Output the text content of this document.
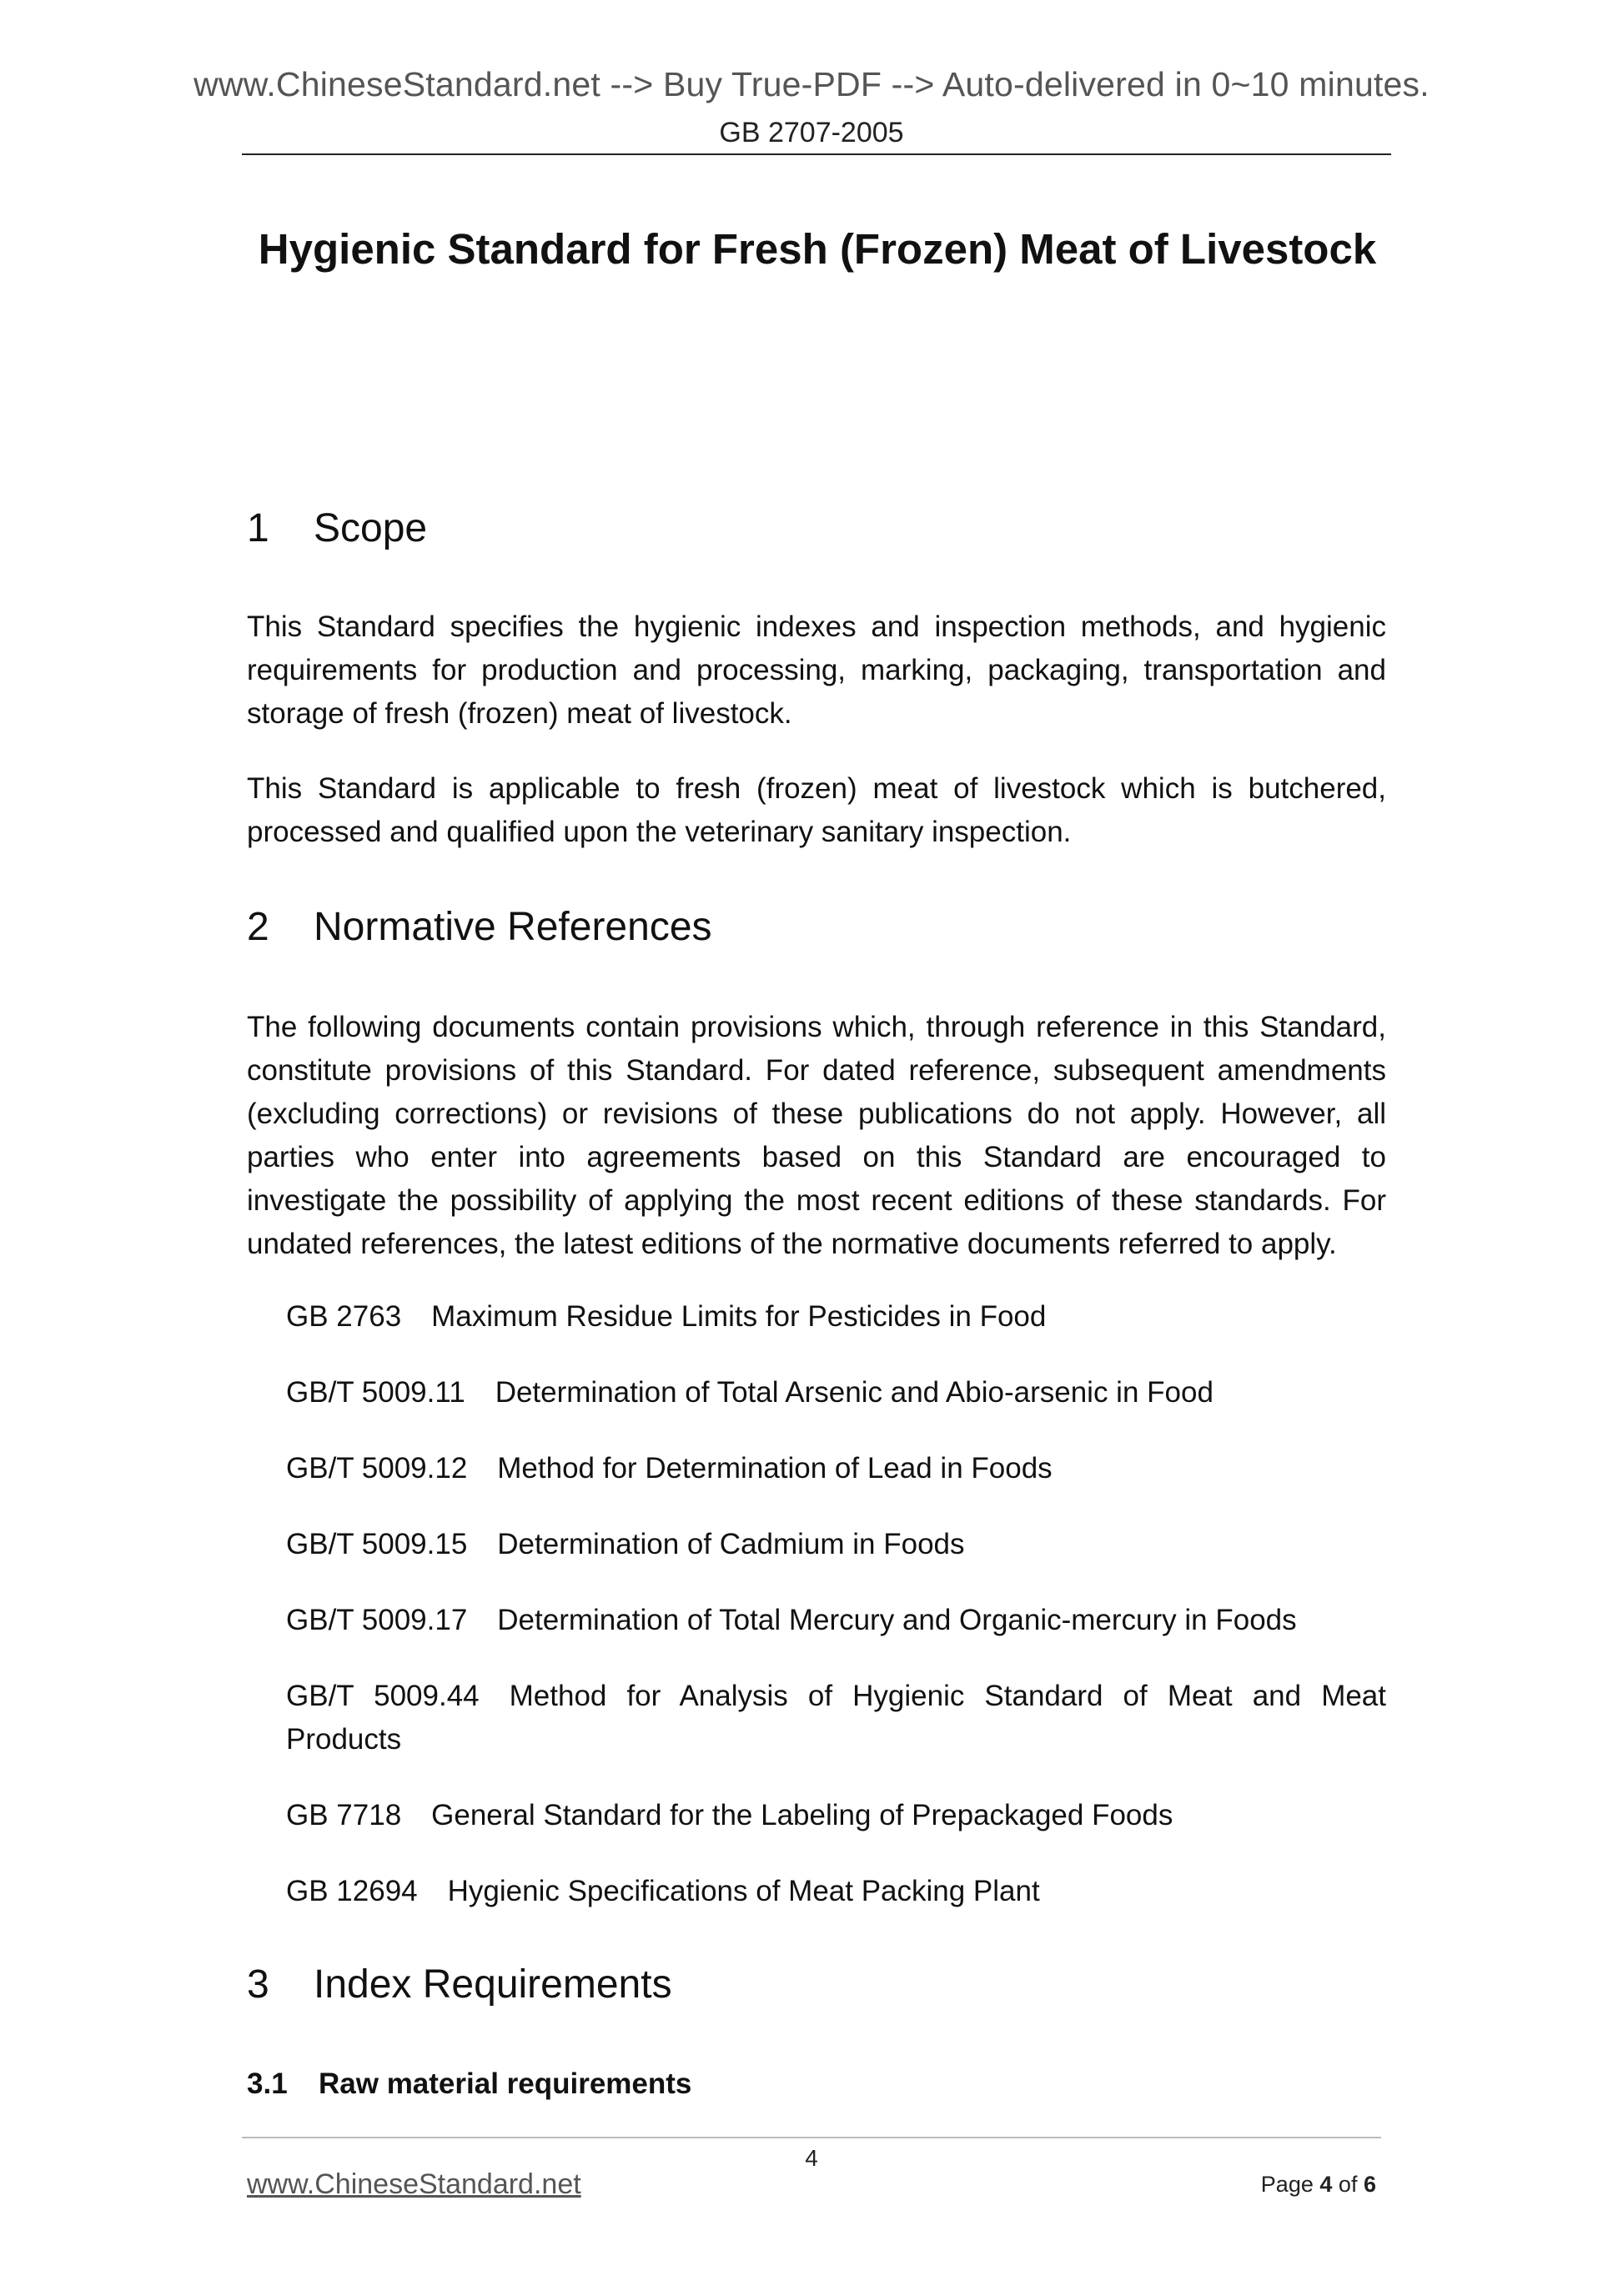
www.ChineseStandard.net --> Buy True-PDF --> Auto-delivered in 0~10 minutes.
GB 2707-2005
Hygienic Standard for Fresh (Frozen) Meat of Livestock
1 Scope
This Standard specifies the hygienic indexes and inspection methods, and hygienic requirements for production and processing, marking, packaging, transportation and storage of fresh (frozen) meat of livestock.
This Standard is applicable to fresh (frozen) meat of livestock which is butchered, processed and qualified upon the veterinary sanitary inspection.
2 Normative References
The following documents contain provisions which, through reference in this Standard, constitute provisions of this Standard. For dated reference, subsequent amendments (excluding corrections) or revisions of these publications do not apply. However, all parties who enter into agreements based on this Standard are encouraged to investigate the possibility of applying the most recent editions of these standards. For undated references, the latest editions of the normative documents referred to apply.
GB 2763 Maximum Residue Limits for Pesticides in Food
GB/T 5009.11 Determination of Total Arsenic and Abio-arsenic in Food
GB/T 5009.12 Method for Determination of Lead in Foods
GB/T 5009.15 Determination of Cadmium in Foods
GB/T 5009.17 Determination of Total Mercury and Organic-mercury in Foods
GB/T 5009.44 Method for Analysis of Hygienic Standard of Meat and Meat Products
GB 7718 General Standard for the Labeling of Prepackaged Foods
GB 12694 Hygienic Specifications of Meat Packing Plant
3 Index Requirements
3.1 Raw material requirements
4
www.ChineseStandard.net	Page 4 of 6
